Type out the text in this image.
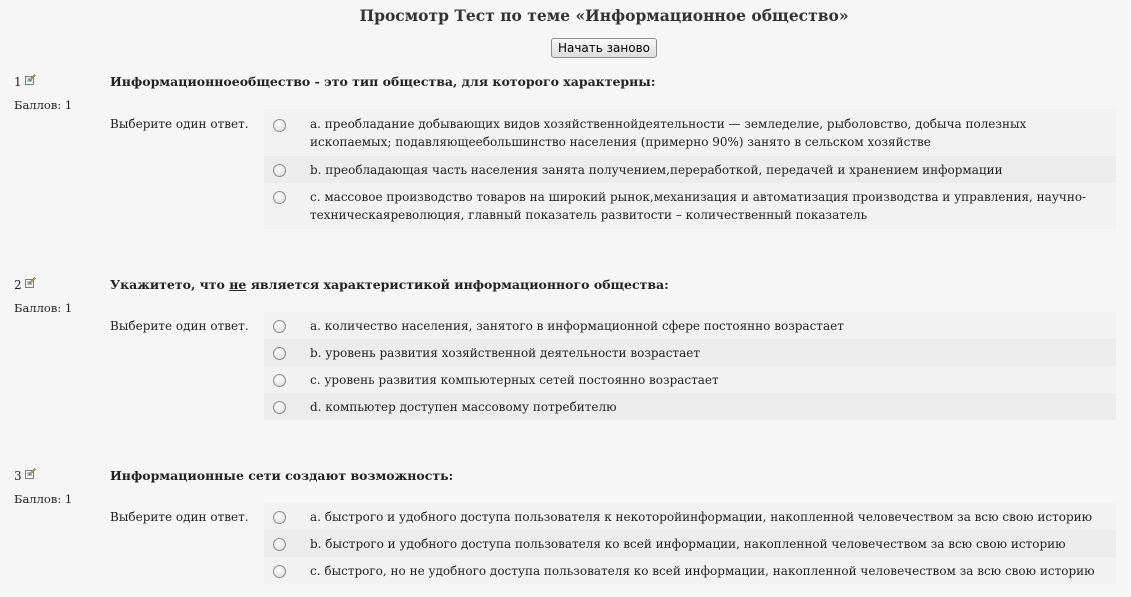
Просмотр Тест по теме «Информационное общество»
Начать заново
1
Баллов: 1
Информационноеобщество - это тип общества, для которого характерны:
Выберите один ответ.	a. преобладание добывающих видов хозяйственнойдеятельности — земледелие, рыболовство, добыча полезных ископаемых; подавляющеебольшинство населения (примерно 90%) занято в сельском хозяйстве
b. преобладающая часть населения занята получением,переработкой, передачей и хранением информации
c. массовое производство товаров на широкий рынок,механизация и автоматизация производства и управления, научно-техническаяреволюция, главный показатель развитости – количественный показатель
2
Баллов: 1
Укажитето, что не является характеристикой информационного общества:
Выберите один ответ.	a. количество населения, занятого в информационной сфере постоянно возрастает
b. уровень развития хозяйственной деятельности возрастает
c. уровень развития компьютерных сетей постоянно возрастает
d. компьютер доступен массовому потребителю
3
Баллов: 1
Информационные сети создают возможность:
Выберите один ответ.	a. быстрого и удобного доступа пользователя к некоторойинформации, накопленной человечеством за всю свою историю
b. быстрого и удобного доступа пользователя ко всей информации, накопленной человечеством за всю свою историю
c. быстрого, но не удобного доступа пользователя ко всей информации, накопленной человечеством за всю свою историю
